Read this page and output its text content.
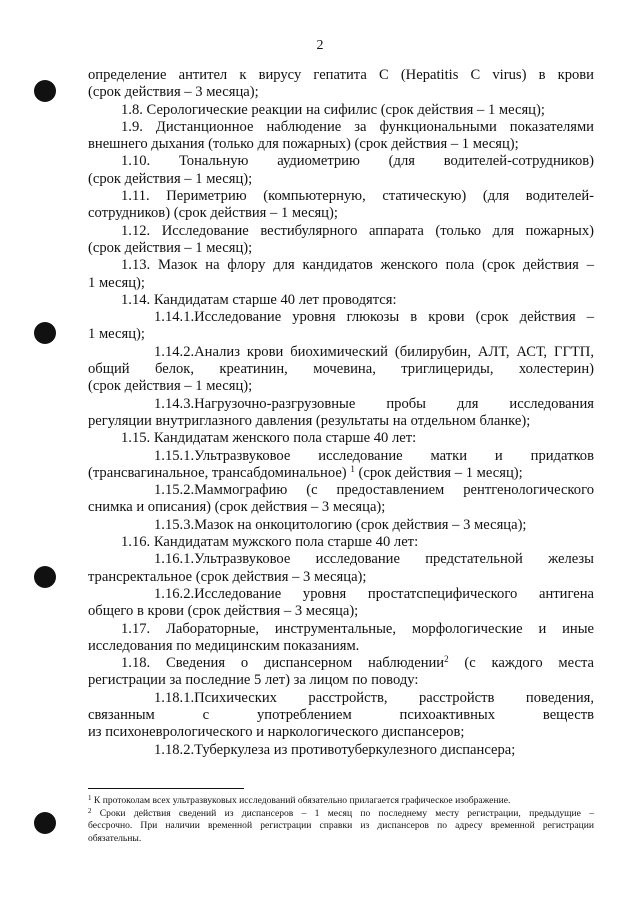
2

определение антител к вирусу гепатита C (Hepatitis C virus) в крови

(срок действия – 3 месяца);

1.8. Серологические реакции на сифилис (срок действия – 1 месяц);

1.9. Дистанционное наблюдение за функциональными показателями

внешнего дыхания (только для пожарных) (срок действия – 1 месяц);

1.10. Тональную аудиометрию (для водителей-сотрудников)

(срок действия – 1 месяц);

1.11. Периметрию (компьютерную, статическую) (для водителей-

сотрудников) (срок действия – 1 месяц);

1.12. Исследование вестибулярного аппарата (только для пожарных)

(срок действия – 1 месяц);

1.13. Мазок на флору для кандидатов женского пола (срок действия –

1 месяц);

1.14. Кандидатам старше 40 лет проводятся:

1.14.1.Исследование уровня глюкозы в крови (срок действия –

1 месяц);

1.14.2.Анализ крови биохимический (билирубин, АЛТ, АСТ, ГГТП,

общий белок, креатинин, мочевина, триглицериды, холестерин)

(срок действия – 1 месяц);

1.14.3.Нагрузочно-разгрузовные пробы для исследования

регуляции внутриглазного давления (результаты на отдельном бланке);

1.15. Кандидатам женского пола старше 40 лет:

1.15.1.Ультразвуковое исследование матки и придатков

(трансвагинальное, трансабдоминальное) $^1$ (срок действия – 1 месяц);

1.15.2.Маммографию (с предоставлением рентгенологического

снимка и описания) (срок действия – 3 месяца);

1.15.3.Мазок на онкоцитологию (срок действия – 3 месяца);

1.16. Кандидатам мужского пола старше 40 лет:

1.16.1.Ультразвуковое исследование предстательной железы

трансректальное (срок действия – 3 месяца);

1.16.2.Исследование уровня простатспецифического антигена

общего в крови (срок действия – 3 месяца);

1.17. Лабораторные, инструментальные, морфологические и иные

исследования по медицинским показаниям.

1.18. Сведения о диспансерном наблюдении$^2$ (с каждого места

регистрации за последние 5 лет) за лицом по поводу:

1.18.1.Психических расстройств, расстройств поведения,

связанным с употреблением психоактивных веществ

из психоневрологического и наркологического диспансеров;

1.18.2.Туберкулеза из противотуберкулезного диспансера;

$^1$ К протоколам всех ультразвуковых исследований обязательно прилагается графическое изображение.

$^2$ Сроки действия сведений из диспансеров – 1 месяц по последнему месту регистрации, предыдущие –

бессрочно. При наличии временной регистрации справки из диспансеров по адресу временной регистрации

обязательны.
